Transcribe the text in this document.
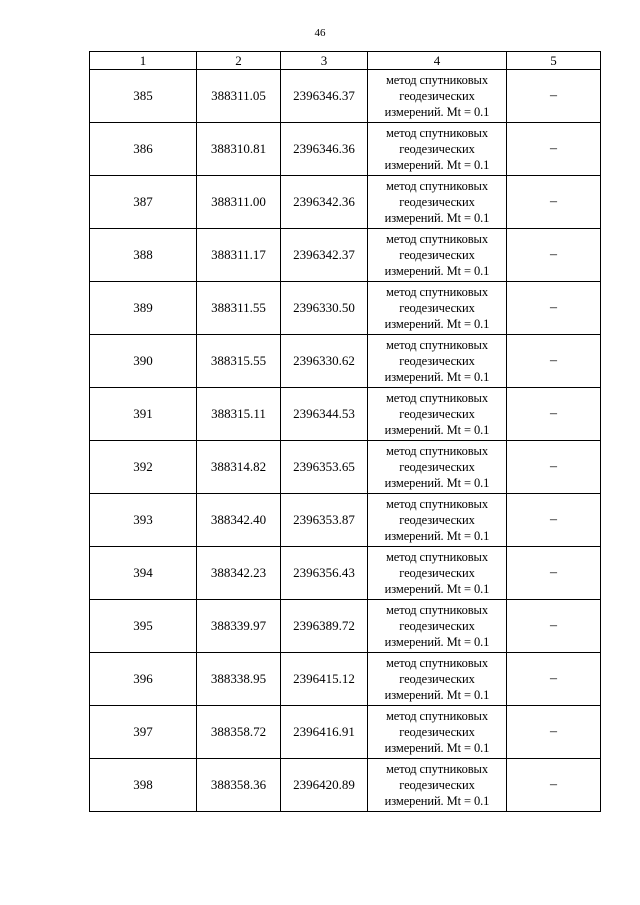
46
1	2	3	4	5
385	388311.05	2396346.37	метод спутниковых
геодезических
измерений. Mt = 0.1	–
386	388310.81	2396346.36	метод спутниковых
геодезических
измерений. Mt = 0.1	–
387	388311.00	2396342.36	метод спутниковых
геодезических
измерений. Mt = 0.1	–
388	388311.17	2396342.37	метод спутниковых
геодезических
измерений. Mt = 0.1	–
389	388311.55	2396330.50	метод спутниковых
геодезических
измерений. Mt = 0.1	–
390	388315.55	2396330.62	метод спутниковых
геодезических
измерений. Mt = 0.1	–
391	388315.11	2396344.53	метод спутниковых
геодезических
измерений. Mt = 0.1	–
392	388314.82	2396353.65	метод спутниковых
геодезических
измерений. Mt = 0.1	–
393	388342.40	2396353.87	метод спутниковых
геодезических
измерений. Mt = 0.1	–
394	388342.23	2396356.43	метод спутниковых
геодезических
измерений. Mt = 0.1	–
395	388339.97	2396389.72	метод спутниковых
геодезических
измерений. Mt = 0.1	–
396	388338.95	2396415.12	метод спутниковых
геодезических
измерений. Mt = 0.1	–
397	388358.72	2396416.91	метод спутниковых
геодезических
измерений. Mt = 0.1	–
398	388358.36	2396420.89	метод спутниковых
геодезических
измерений. Mt = 0.1	–
